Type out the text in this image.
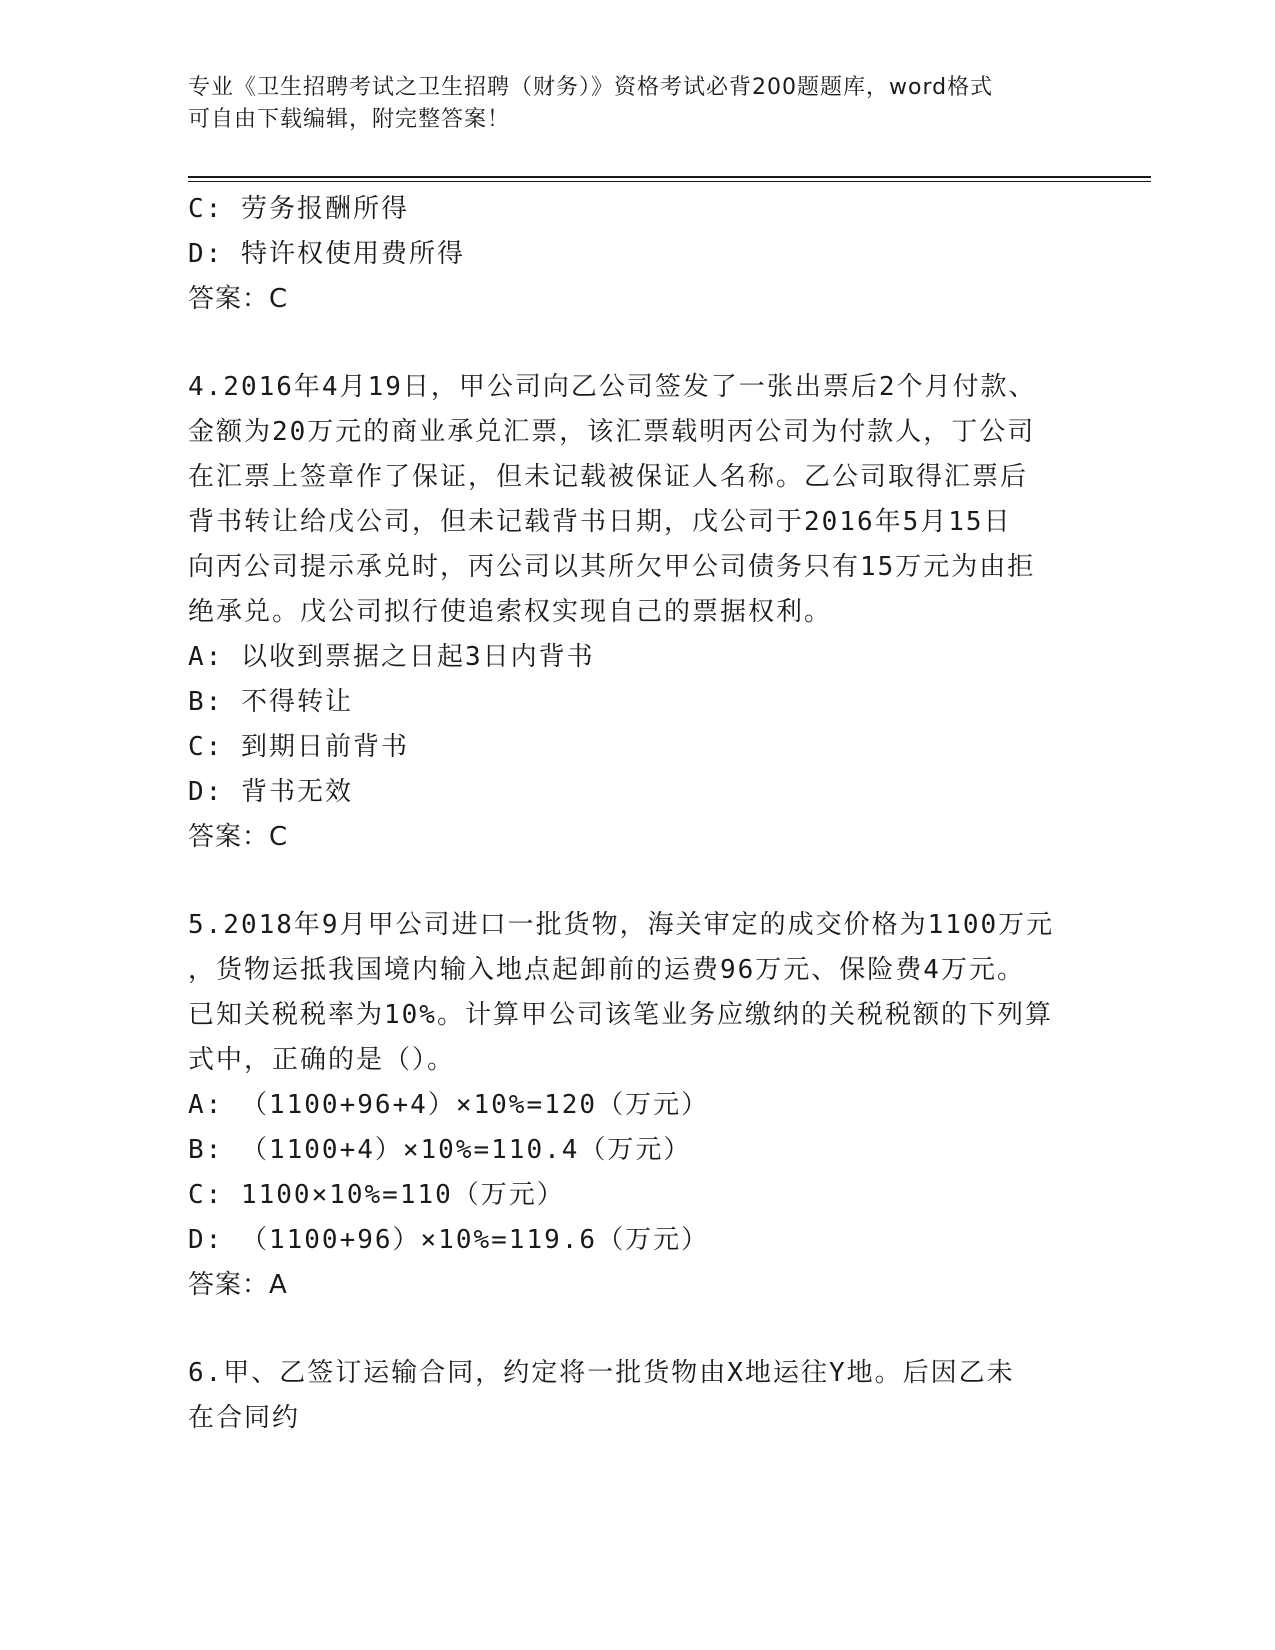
专业《卫生招聘考试之卫生招聘（财务）》资格考试必背200题题库，word格式
可自由下载编辑，附完整答案！
C: 劳务报酬所得
D: 特许权使用费所得
答案：C
4.2016年4月19日，甲公司向乙公司签发了一张出票后2个月付款、
金额为20万元的商业承兑汇票，该汇票载明丙公司为付款人，丁公司
在汇票上签章作了保证，但未记载被保证人名称。乙公司取得汇票后
背书转让给戊公司，但未记载背书日期，戊公司于2016年5月15日
向丙公司提示承兑时，丙公司以其所欠甲公司债务只有15万元为由拒
绝承兑。戊公司拟行使追索权实现自己的票据权利。
A: 以收到票据之日起3日内背书
B: 不得转让
C: 到期日前背书
D: 背书无效
答案：C
5.2018年9月甲公司进口一批货物，海关审定的成交价格为1100万元
，货物运抵我国境内输入地点起卸前的运费96万元、保险费4万元。
已知关税税率为10%。计算甲公司该笔业务应缴纳的关税税额的下列算
式中，正确的是（）。
A: （1100+96+4）×10%=120（万元）
B: （1100+4）×10%=110.4（万元）
C: 1100×10%=110（万元）
D: （1100+96）×10%=119.6（万元）
答案：A
6.甲、乙签订运输合同，约定将一批货物由X地运往Y地。后因乙未
在合同约
